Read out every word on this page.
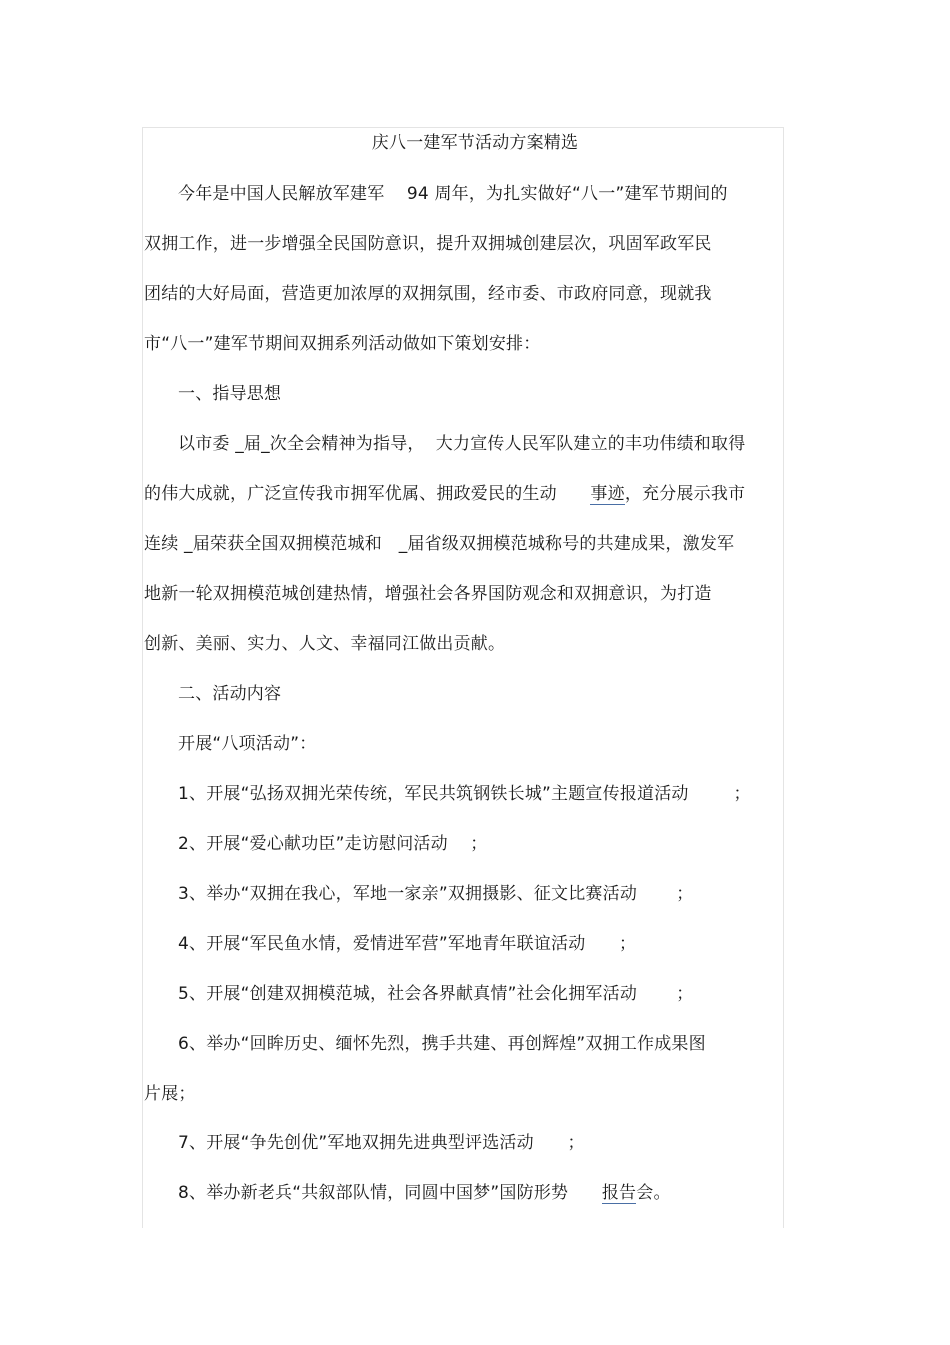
庆八一建军节活动方案精选
今年是中国人民解放军建军    94 周年，为扎实做好“八一”建军节期间的
双拥工作，进一步增强全民国防意识，提升双拥城创建层次，巩固军政军民
团结的大好局面，营造更加浓厚的双拥氛围，经市委、市政府同意，现就我
市“八一”建军节期间双拥系列活动做如下策划安排：
一、指导思想
以市委 _届_次全会精神为指导，  大力宣传人民军队建立的丰功伟绩和取得
的伟大成就，广泛宣传我市拥军优属、拥政爱民的生动      事迹，充分展示我市
连续 _届荣获全国双拥模范城和   _届省级双拥模范城称号的共建成果，激发军
地新一轮双拥模范城创建热情，增强社会各界国防观念和双拥意识，为打造
创新、美丽、实力、人文、幸福同江做出贡献。
二、活动内容
开展“八项活动”：
1、开展“弘扬双拥光荣传统，军民共筑钢铁长城”主题宣传报道活动        ；
2、开展“爱心献功臣”走访慰问活动    ；
3、举办“双拥在我心，军地一家亲”双拥摄影、征文比赛活动       ；
4、开展“军民鱼水情，爱情进军营”军地青年联谊活动      ；
5、开展“创建双拥模范城，社会各界献真情”社会化拥军活动       ；
6、举办“回眸历史、缅怀先烈，携手共建、再创辉煌”双拥工作成果图
片展；
7、开展“争先创优”军地双拥先进典型评选活动      ；
8、举办新老兵“共叙部队情，同圆中国梦”国防形势      报告会。
